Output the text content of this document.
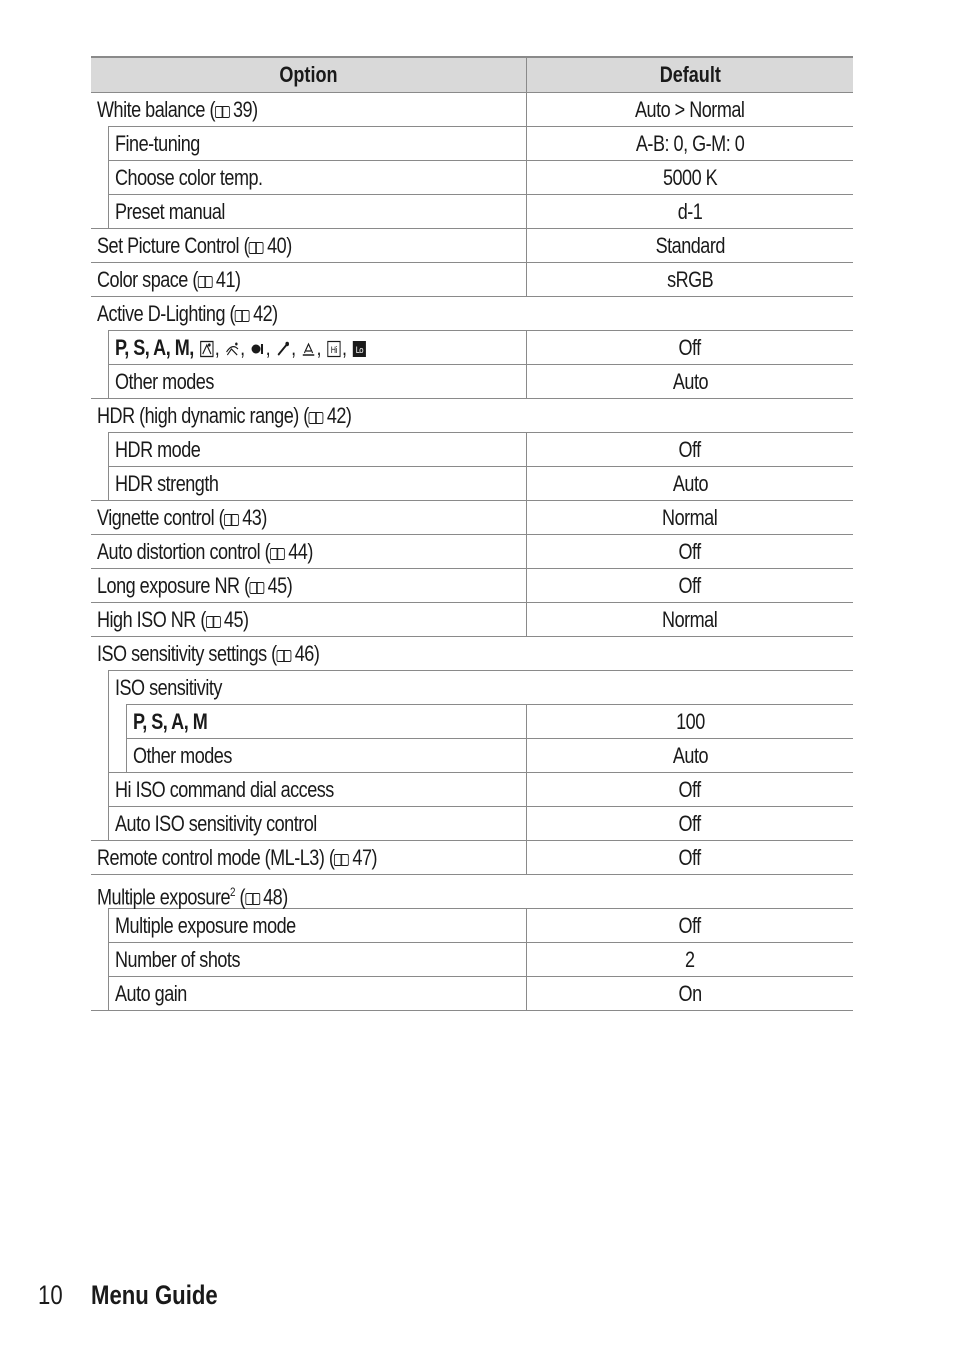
Option	Default
White balance ( 39)	Auto > Normal
Fine-tuning	A-B: 0, G-M: 0
Choose color temp.	5000 K
Preset manual	d-1
Set Picture Control ( 40)	Standard
Color space ( 41)	sRGB
Active D-Lighting ( 42)
P, S, A, M, , , , , , Hi , Lo	Off
Other modes	Auto
HDR (high dynamic range) ( 42)
HDR mode	Off
HDR strength	Auto
Vignette control ( 43)	Normal
Auto distortion control ( 44)	Off
Long exposure NR ( 45)	Off
High ISO NR ( 45)	Normal
ISO sensitivity settings ( 46)
ISO sensitivity
P, S, A, M	100
Other modes	Auto
Hi ISO command dial access	Off
Auto ISO sensitivity control	Off
Remote control mode (ML-L3) ( 47)	Off
Multiple exposure$^2$ ( 48)
Multiple exposure mode	Off
Number of shots	2
Auto gain	On
10 Menu Guide
